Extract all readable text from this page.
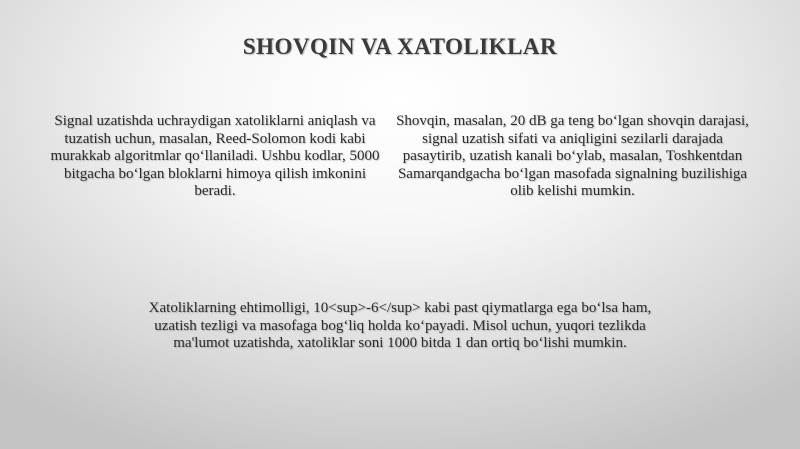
SHOVQIN VA XATOLIKLAR
Signal uzatishda uchraydigan xatoliklarni aniqlash va tuzatish uchun, masalan, Reed-Solomon kodi kabi murakkab algoritmlar qo‘llaniladi. Ushbu kodlar, 5000 bitgacha bo‘lgan bloklarni himoya qilish imkonini beradi.
Shovqin, masalan, 20 dB ga teng bo‘lgan shovqin darajasi, signal uzatish sifati va aniqligini sezilarli darajada pasaytirib, uzatish kanali bo‘ylab, masalan, Toshkentdan Samarqandgacha bo‘lgan masofada signalning buzilishiga olib kelishi mumkin.
Xatoliklarning ehtimolligi, 10<sup>-6</sup> kabi past qiymatlarga ega bo‘lsa ham, uzatish tezligi va masofaga bog‘liq holda ko‘payadi. Misol uchun, yuqori tezlikda ma'lumot uzatishda, xatoliklar soni 1000 bitda 1 dan ortiq bo‘lishi mumkin.
